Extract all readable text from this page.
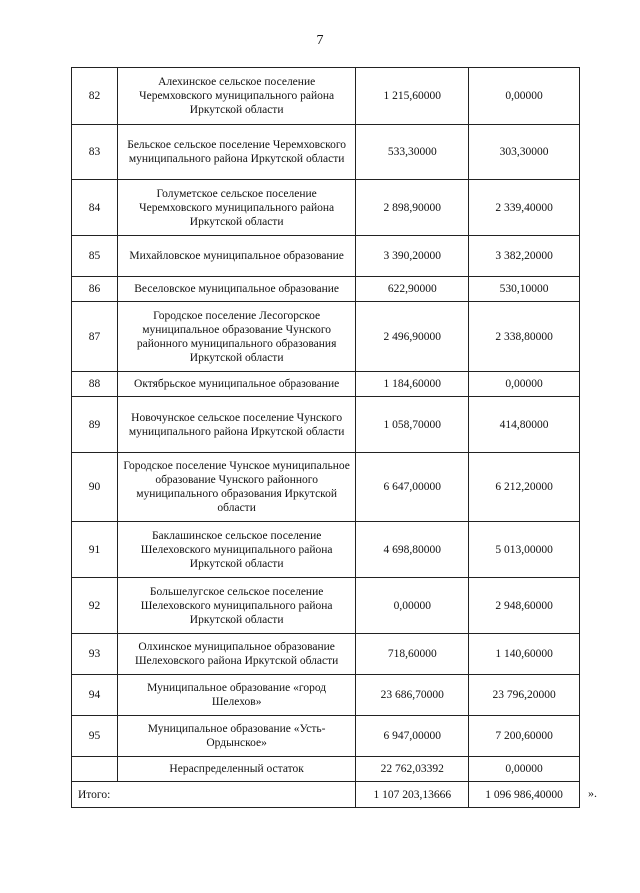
7
82	Алехинское сельское поселение Черемховского муниципального района Иркутской области	1 215,60000	0,00000
83	Бельское сельское поселение Черемховского муниципального района Иркутской области	533,30000	303,30000
84	Голуметское сельское поселение Черемховского муниципального района Иркутской области	2 898,90000	2 339,40000
85	Михайловское муниципальное образование	3 390,20000	3 382,20000
86	Веселовское муниципальное образование	622,90000	530,10000
87	Городское поселение Лесогорское муниципальное образование Чунского районного муниципального образования Иркутской области	2 496,90000	2 338,80000
88	Октябрьское муниципальное образование	1 184,60000	0,00000
89	Новочунское сельское поселение Чунского муниципального района Иркутской области	1 058,70000	414,80000
90	Городское поселение Чунское муниципальное образование Чунского районного муниципального образования Иркутской области	6 647,00000	6 212,20000
91	Баклашинское сельское поселение Шелеховского муниципального района Иркутской области	4 698,80000	5 013,00000
92	Большелугское сельское поселение Шелеховского муниципального района Иркутской области	0,00000	2 948,60000
93	Олхинское муниципальное образование Шелеховского района Иркутской области	718,60000	1 140,60000
94	Муниципальное образование «город Шелехов»	23 686,70000	23 796,20000
95	Муниципальное образование «Усть-Ордынское»	6 947,00000	7 200,60000
	Нераспределенный остаток	22 762,03392	0,00000
Итого:		1 107 203,13666	1 096 986,40000 ».
